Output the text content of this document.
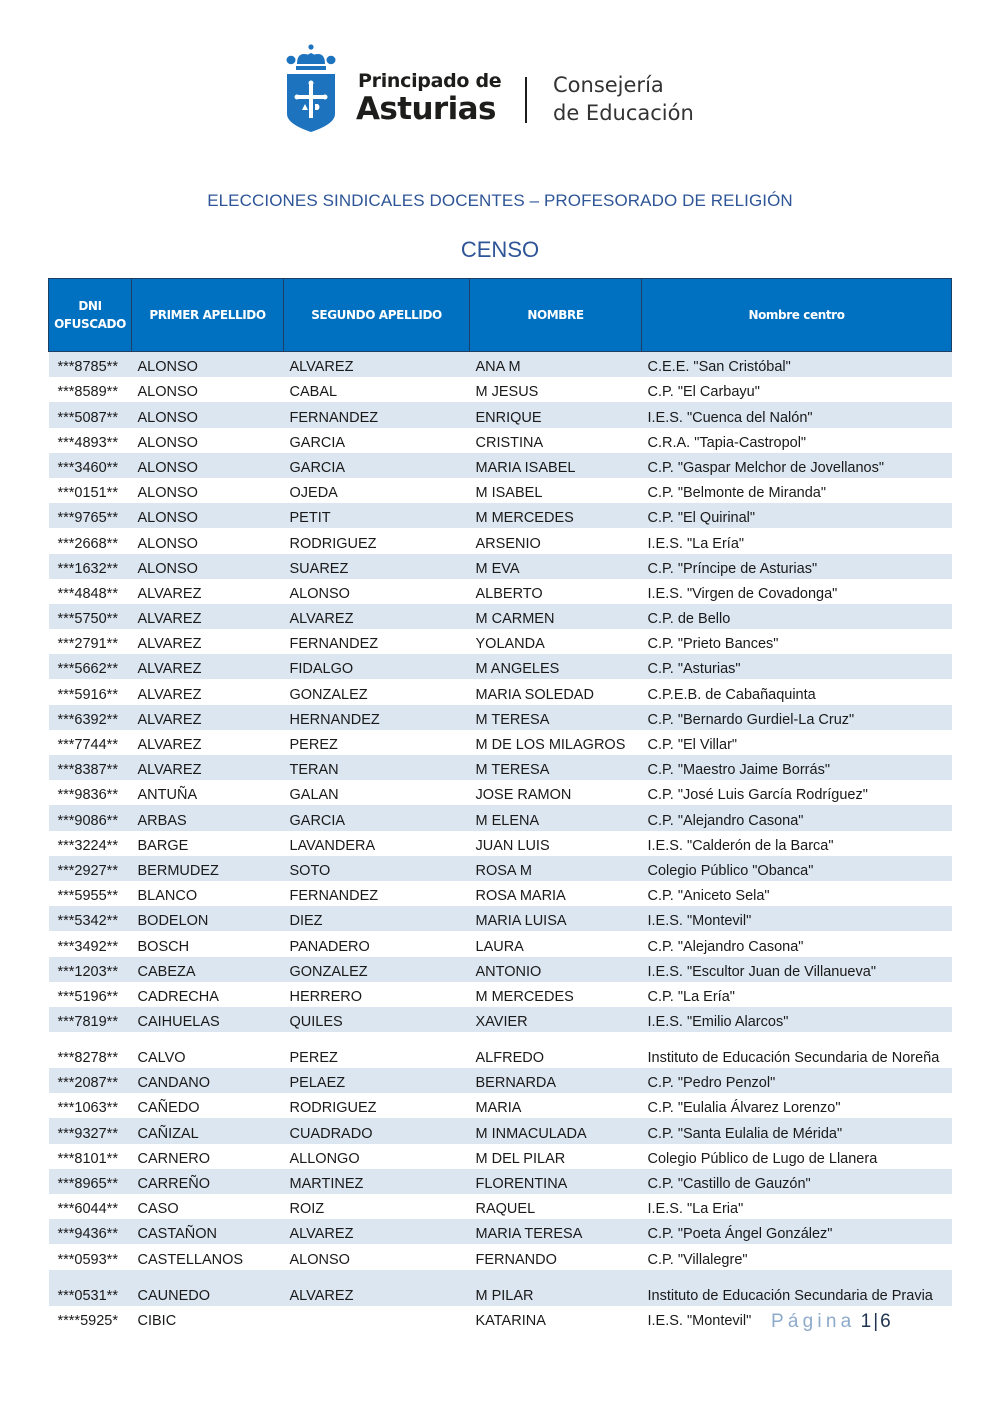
Principado de
Asturias
Consejería
de Educación
ELECCIONES SINDICALES DOCENTES – PROFESORADO DE RELIGIÓN
CENSO
DNI OFUSCADO	PRIMER APELLIDO	SEGUNDO APELLIDO	NOMBRE	Nombre centro
***8785**	ALONSO	ALVAREZ	ANA M	C.E.E. "San Cristóbal"
***8589**	ALONSO	CABAL	M JESUS	C.P. "El Carbayu"
***5087**	ALONSO	FERNANDEZ	ENRIQUE	I.E.S. "Cuenca del Nalón"
***4893**	ALONSO	GARCIA	CRISTINA	C.R.A. "Tapia-Castropol"
***3460**	ALONSO	GARCIA	MARIA ISABEL	C.P. "Gaspar Melchor de Jovellanos"
***0151**	ALONSO	OJEDA	M ISABEL	C.P. "Belmonte de Miranda"
***9765**	ALONSO	PETIT	M MERCEDES	C.P. "El Quirinal"
***2668**	ALONSO	RODRIGUEZ	ARSENIO	I.E.S. "La Ería"
***1632**	ALONSO	SUAREZ	M EVA	C.P. "Príncipe de Asturias"
***4848**	ALVAREZ	ALONSO	ALBERTO	I.E.S. "Virgen de Covadonga"
***5750**	ALVAREZ	ALVAREZ	M CARMEN	C.P. de Bello
***2791**	ALVAREZ	FERNANDEZ	YOLANDA	C.P. "Prieto Bances"
***5662**	ALVAREZ	FIDALGO	M ANGELES	C.P. "Asturias"
***5916**	ALVAREZ	GONZALEZ	MARIA SOLEDAD	C.P.E.B. de Cabañaquinta
***6392**	ALVAREZ	HERNANDEZ	M TERESA	C.P. "Bernardo Gurdiel-La Cruz"
***7744**	ALVAREZ	PEREZ	M DE LOS MILAGROS	C.P. "El Villar"
***8387**	ALVAREZ	TERAN	M TERESA	C.P. "Maestro Jaime Borrás"
***9836**	ANTUÑA	GALAN	JOSE RAMON	C.P. "José Luis García Rodríguez"
***9086**	ARBAS	GARCIA	M ELENA	C.P. "Alejandro Casona"
***3224**	BARGE	LAVANDERA	JUAN LUIS	I.E.S. "Calderón de la Barca"
***2927**	BERMUDEZ	SOTO	ROSA M	Colegio Público "Obanca"
***5955**	BLANCO	FERNANDEZ	ROSA MARIA	C.P. "Aniceto Sela"
***5342**	BODELON	DIEZ	MARIA LUISA	I.E.S. "Montevil"
***3492**	BOSCH	PANADERO	LAURA	C.P. "Alejandro Casona"
***1203**	CABEZA	GONZALEZ	ANTONIO	I.E.S. "Escultor Juan de Villanueva"
***5196**	CADRECHA	HERRERO	M MERCEDES	C.P. "La Ería"
***7819**	CAIHUELAS	QUILES	XAVIER	I.E.S. "Emilio Alarcos"
***8278**	CALVO	PEREZ	ALFREDO	Instituto de Educación Secundaria de Noreña
***2087**	CANDANO	PELAEZ	BERNARDA	C.P. "Pedro Penzol"
***1063**	CAÑEDO	RODRIGUEZ	MARIA	C.P. "Eulalia Álvarez Lorenzo"
***9327**	CAÑIZAL	CUADRADO	M INMACULADA	C.P. "Santa Eulalia de Mérida"
***8101**	CARNERO	ALLONGO	M DEL PILAR	Colegio Público de Lugo de Llanera
***8965**	CARREÑO	MARTINEZ	FLORENTINA	C.P. "Castillo de Gauzón"
***6044**	CASO	ROIZ	RAQUEL	I.E.S. "La Eria"
***9436**	CASTAÑON	ALVAREZ	MARIA TERESA	C.P. "Poeta Ángel González"
***0593**	CASTELLANOS	ALONSO	FERNANDO	C.P. "Villalegre"
***0531**	CAUNEDO	ALVAREZ	M PILAR	Instituto de Educación Secundaria de Pravia
****5925*	CIBIC		KATARINA	I.E.S. "Montevil" Página 1 | 6
